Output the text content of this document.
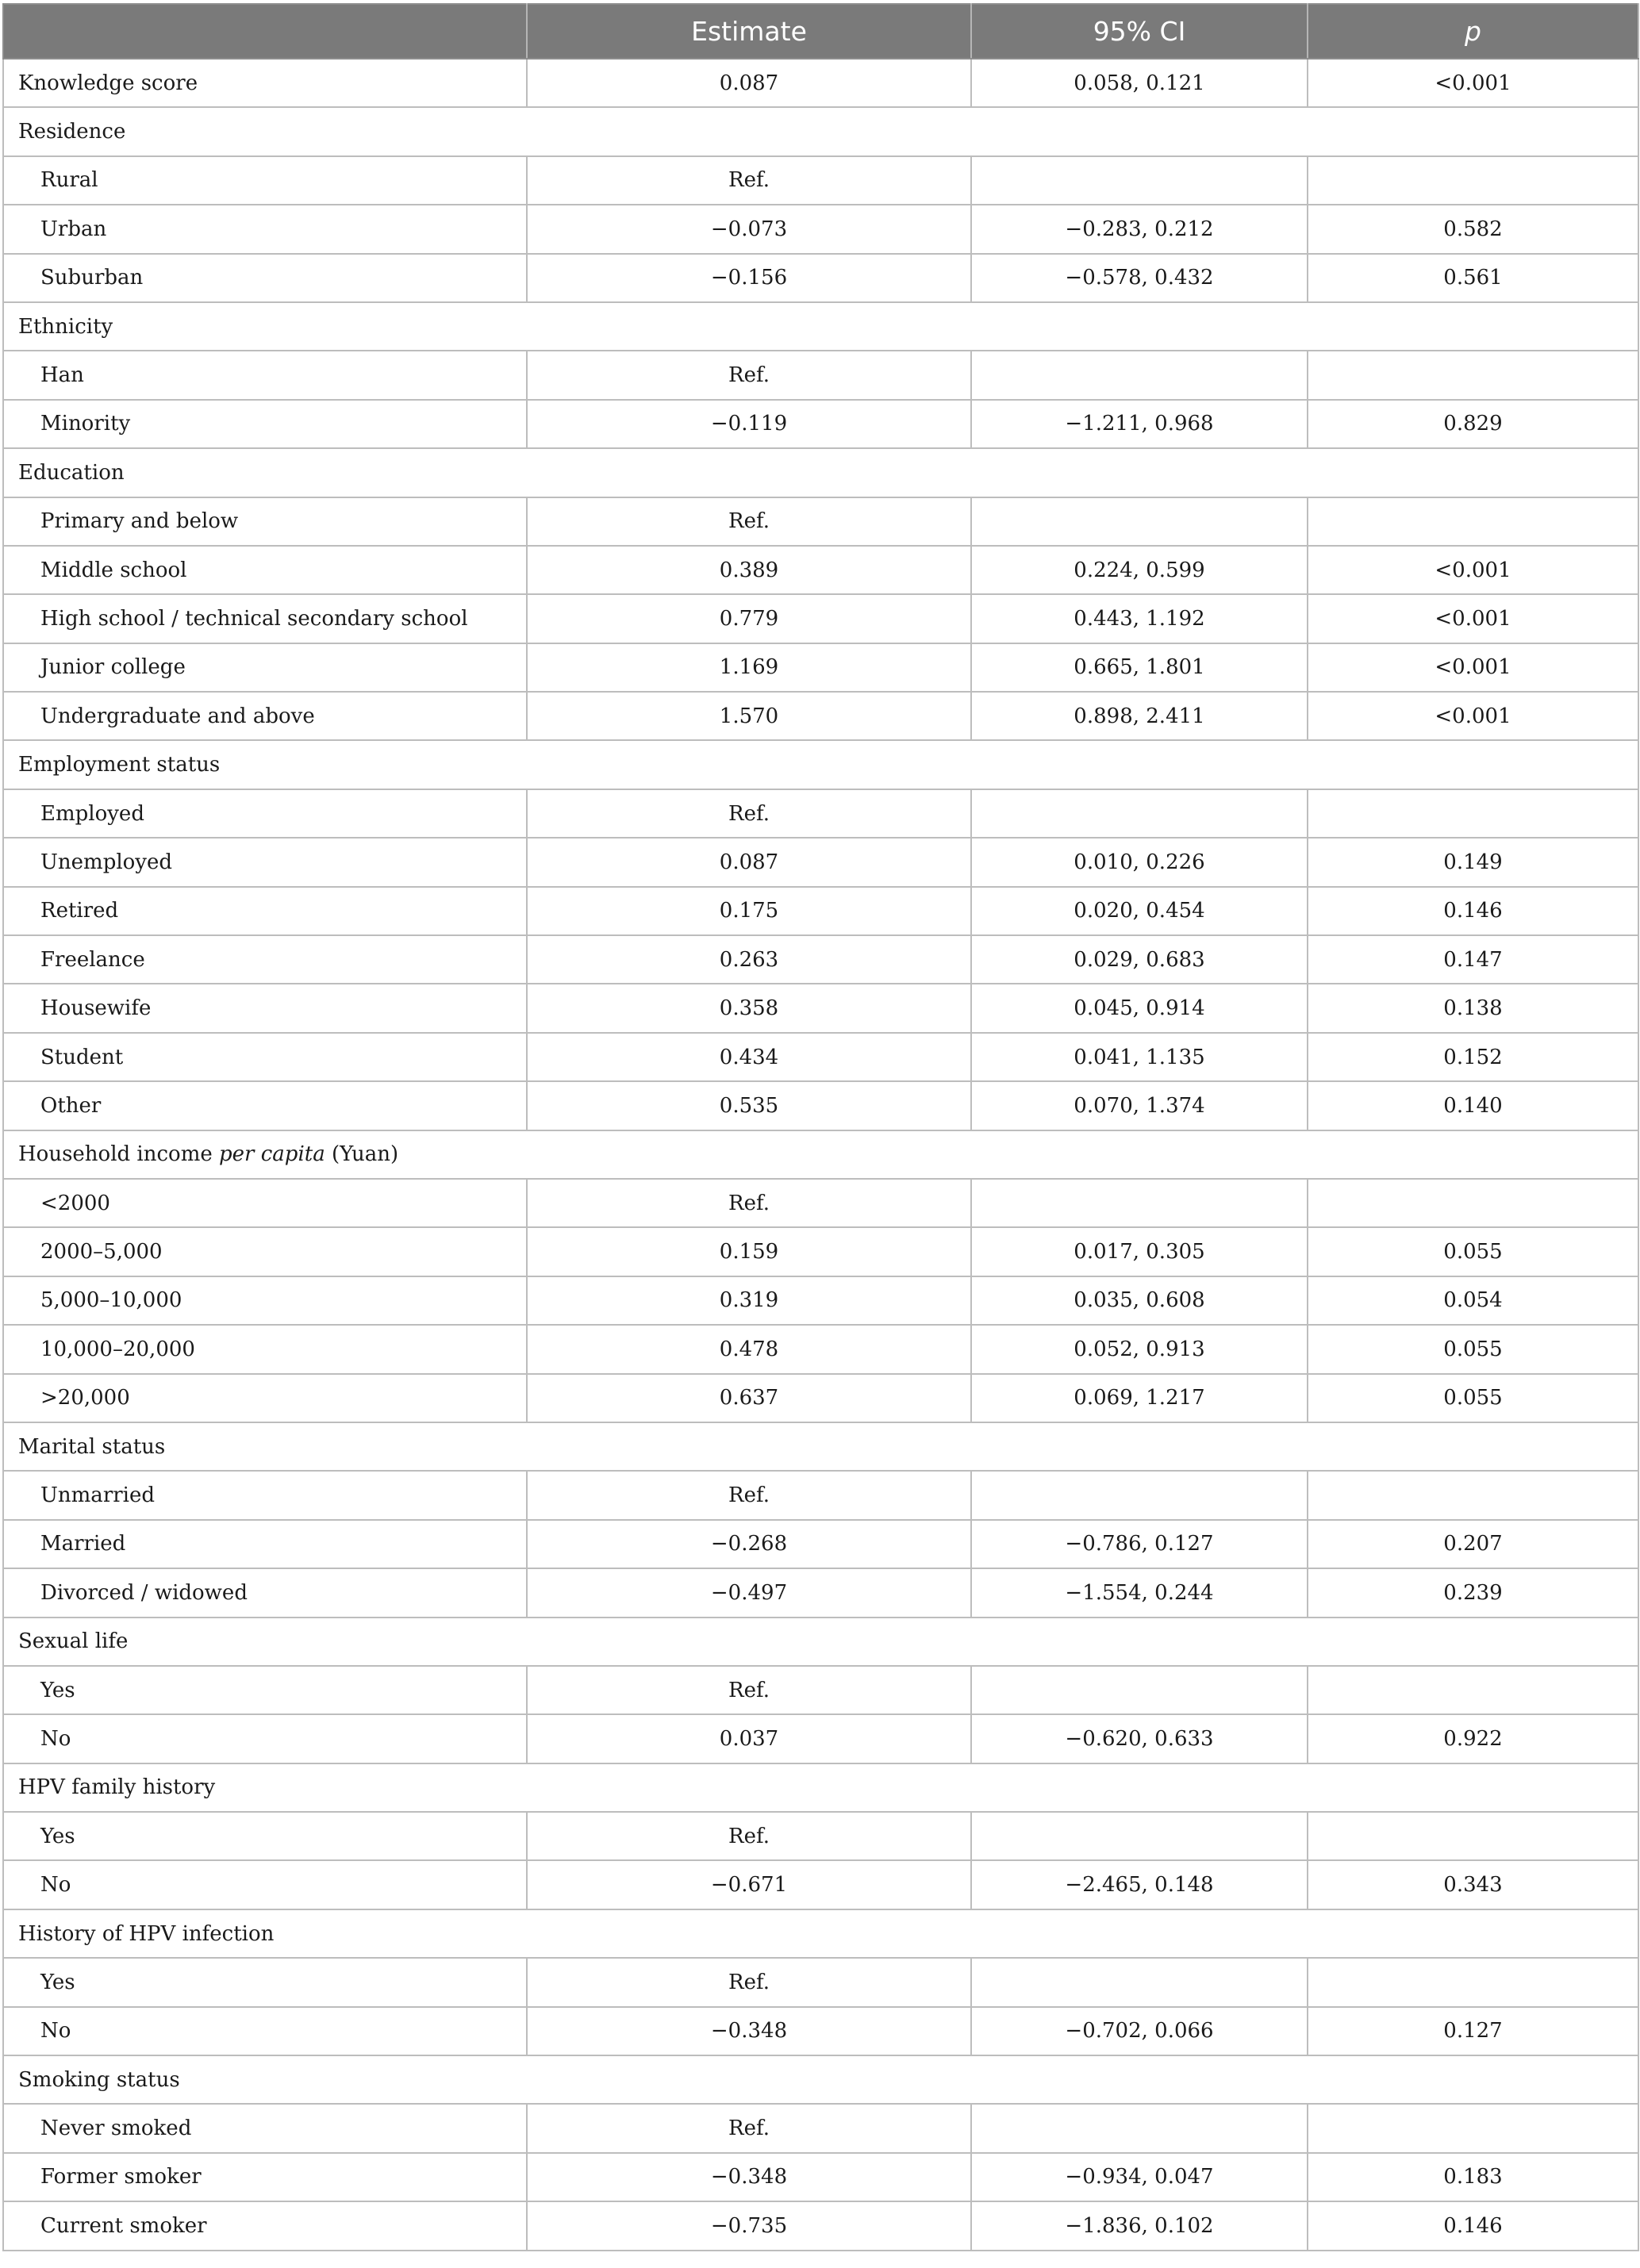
	Estimate	95% CI	p
Knowledge score	0.087	0.058, 0.121	<0.001
Residence			
Rural	Ref.		
Urban	−0.073	−0.283, 0.212	0.582
Suburban	−0.156	−0.578, 0.432	0.561
Ethnicity			
Han	Ref.		
Minority	−0.119	−1.211, 0.968	0.829
Education			
Primary and below	Ref.		
Middle school	0.389	0.224, 0.599	<0.001
High school / technical secondary school	0.779	0.443, 1.192	<0.001
Junior college	1.169	0.665, 1.801	<0.001
Undergraduate and above	1.570	0.898, 2.411	<0.001
Employment status			
Employed	Ref.		
Unemployed	0.087	0.010, 0.226	0.149
Retired	0.175	0.020, 0.454	0.146
Freelance	0.263	0.029, 0.683	0.147
Housewife	0.358	0.045, 0.914	0.138
Student	0.434	0.041, 1.135	0.152
Other	0.535	0.070, 1.374	0.140
Household income per capita (Yuan)			
<2000	Ref.		
2000–5,000	0.159	0.017, 0.305	0.055
5,000–10,000	0.319	0.035, 0.608	0.054
10,000–20,000	0.478	0.052, 0.913	0.055
>20,000	0.637	0.069, 1.217	0.055
Marital status			
Unmarried	Ref.		
Married	−0.268	−0.786, 0.127	0.207
Divorced / widowed	−0.497	−1.554, 0.244	0.239
Sexual life			
Yes	Ref.		
No	0.037	−0.620, 0.633	0.922
HPV family history			
Yes	Ref.		
No	−0.671	−2.465, 0.148	0.343
History of HPV infection			
Yes	Ref.		
No	−0.348	−0.702, 0.066	0.127
Smoking status			
Never smoked	Ref.		
Former smoker	−0.348	−0.934, 0.047	0.183
Current smoker	−0.735	−1.836, 0.102	0.146
